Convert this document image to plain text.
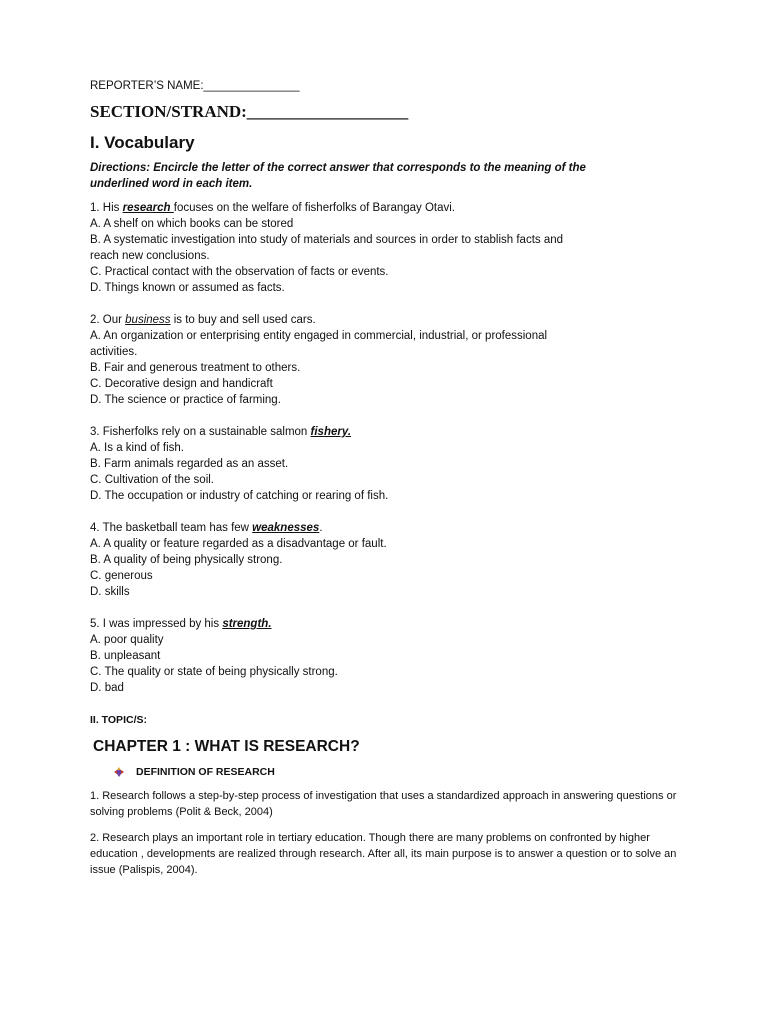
REPORTER’S NAME:_______________
SECTION/STRAND:___________________
I. Vocabulary
Directions: Encircle the letter of the correct answer that corresponds to the meaning of the
underlined word in each item.
1. His research focuses on the welfare of fisherfolks of Barangay Otavi.
A. A shelf on which books can be stored
B. A systematic investigation into study of materials and sources in order to stablish facts and
reach new conclusions.
C. Practical contact with the observation of facts or events.
D. Things known or assumed as facts.
2. Our business is to buy and sell used cars.
A. An organization or enterprising entity engaged in commercial, industrial, or professional
activities.
B. Fair and generous treatment to others.
C. Decorative design and handicraft
D. The science or practice of farming.
3. Fisherfolks rely on a sustainable salmon fishery.
A. Is a kind of fish.
B. Farm animals regarded as an asset.
C. Cultivation of the soil.
D. The occupation or industry of catching or rearing of fish.
4. The basketball team has few weaknesses.
A. A quality or feature regarded as a disadvantage or fault.
B. A quality of being physically strong.
C. generous
D. skills
5. I was impressed by his strength.
A. poor quality
B. unpleasant
C. The quality or state of being physically strong.
D. bad
II. TOPIC/S:
CHAPTER 1 : WHAT IS RESEARCH?
DEFINITION OF RESEARCH
1. Research follows a step-by-step process of investigation that uses a standardized approach in answering questions or solving problems (Polit & Beck, 2004)
2. Research plays an important role in tertiary education. Though there are many problems on confronted by higher education , developments are realized through research. After all, its main purpose is to answer a question or to solve an issue (Palispis, 2004).
